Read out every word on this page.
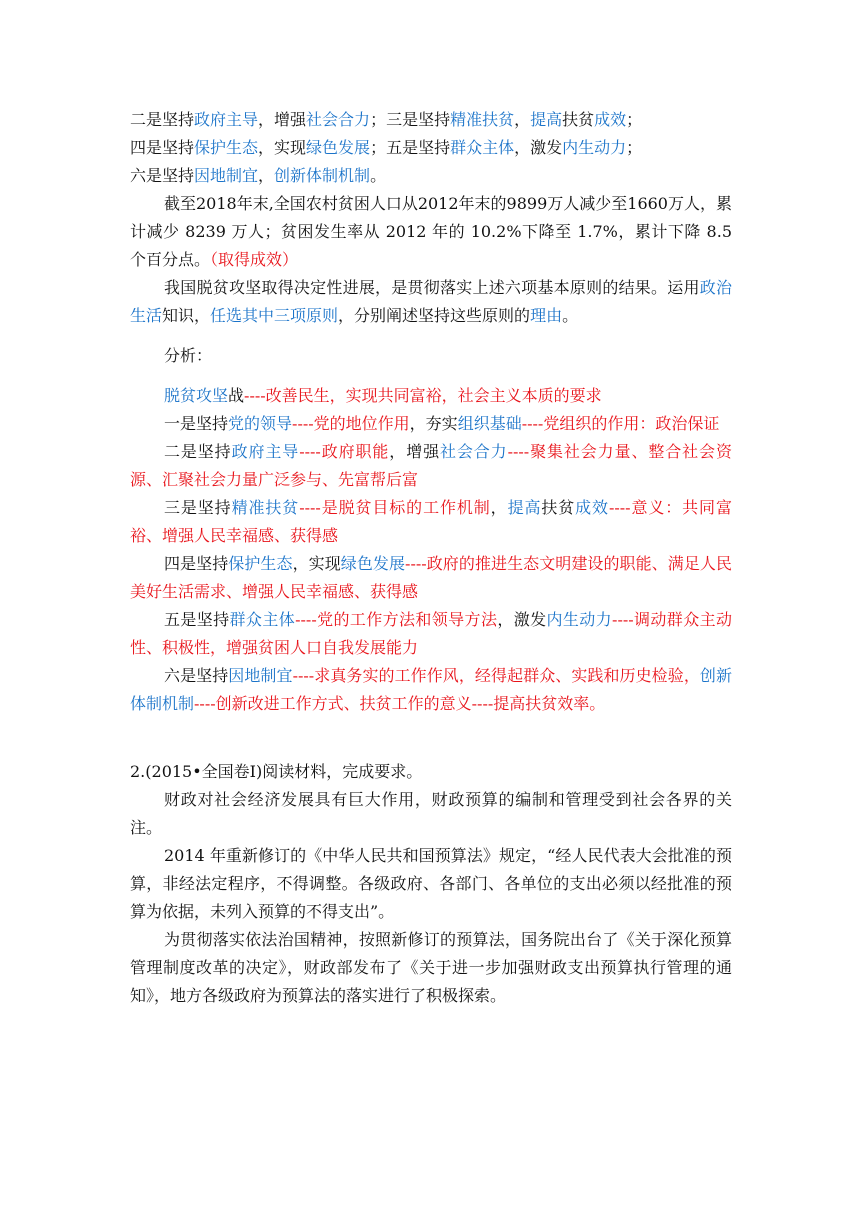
二是坚持政府主导，增强社会合力；三是坚持精准扶贫，提高扶贫成效；

四是坚持保护生态，实现绿色发展；五是坚持群众主体，激发内生动力；

六是坚持因地制宜，创新体制机制。

截至2018年末,全国农村贫困人口从2012年末的9899万人减少至1660万人，累计减少 8239 万人；贫困发生率从 2012 年的 10.2%下降至 1.7%，累计下降 8.5 个百分点。（取得成效）

我国脱贫攻坚取得决定性进展，是贯彻落实上述六项基本原则的结果。运用政治生活知识，任选其中三项原则，分别阐述坚持这些原则的理由。

分析：

脱贫攻坚战----改善民生，实现共同富裕，社会主义本质的要求

一是坚持党的领导----党的地位作用，夯实组织基础----党组织的作用：政治保证

二是坚持政府主导----政府职能，增强社会合力----聚集社会力量、整合社会资源、汇聚社会力量广泛参与、先富帮后富

三是坚持精准扶贫----是脱贫目标的工作机制，提高扶贫成效----意义：共同富裕、增强人民幸福感、获得感

四是坚持保护生态，实现绿色发展----政府的推进生态文明建设的职能、满足人民美好生活需求、增强人民幸福感、获得感

五是坚持群众主体----党的工作方法和领导方法，激发内生动力----调动群众主动性、积极性，增强贫困人口自我发展能力

六是坚持因地制宜----求真务实的工作作风，经得起群众、实践和历史检验，创新体制机制----创新改进工作方式、扶贫工作的意义----提高扶贫效率。

2.(2015•全国卷Ⅰ)阅读材料，完成要求。

财政对社会经济发展具有巨大作用，财政预算的编制和管理受到社会各界的关注。

2014 年重新修订的《中华人民共和国预算法》规定，“经人民代表大会批准的预算，非经法定程序，不得调整。各级政府、各部门、各单位的支出必须以经批准的预算为依据，未列入预算的不得支出”。

为贯彻落实依法治国精神，按照新修订的预算法，国务院出台了《关于深化预算管理制度改革的决定》，财政部发布了《关于进一步加强财政支出预算执行管理的通知》，地方各级政府为预算法的落实进行了积极探索。
